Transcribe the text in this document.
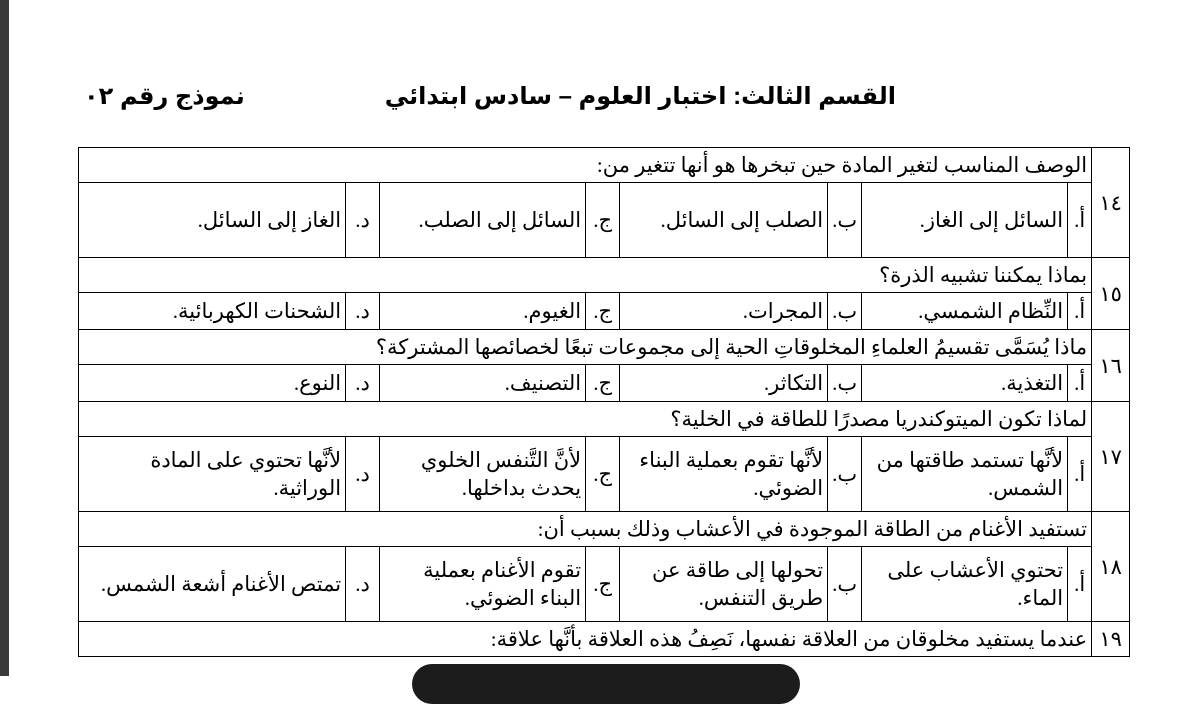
القسم الثالث: اختبار العلوم – سادس ابتدائي
نموذج رقم ٠٢
١٤	الوصف المناسب لتغير المادة حين تبخرها هو أنها تتغير من:							
	أ.	السائل إلى الغاز.	ب.	الصلب إلى السائل.	ج.	السائل إلى الصلب.	د.	الغاز إلى السائل.
١٥	بماذا يمكننا تشبيه الذرة؟							
	أ.	النِّظام الشمسي.	ب.	المجرات.	ج.	الغيوم.	د.	الشحنات الكهربائية.
١٦	ماذا يُسَمَّى تقسيمُ العلماءِ المخلوقاتِ الحية إلى مجموعات تبعًا لخصائصها المشتركة؟							
	أ.	التغذية.	ب.	التكاثر.	ج.	التصنيف.	د.	النوع.
١٧	لماذا تكون الميتوكندريا مصدرًا للطاقة في الخلية؟							
	أ.	لأنَّها تستمد طاقتها من الشمس.	ب.	لأنَّها تقوم بعملية البناء الضوئي.	ج.	لأنَّ التَّنفس الخلوي يحدث بداخلها.	د.	لأنَّها تحتوي على المادة الوراثية.
١٨	تستفيد الأغنام من الطاقة الموجودة في الأعشاب وذلك بسبب أن:							
	أ.	تحتوي الأعشاب على الماء.	ب.	تحولها إلى طاقة عن طريق التنفس.	ج.	تقوم الأغنام بعملية البناء الضوئي.	د.	تمتص الأغنام أشعة الشمس.
١٩	عندما يستفيد مخلوقان من العلاقة نفسها، نَصِفُ هذه العلاقة بأنَّها علاقة:							
